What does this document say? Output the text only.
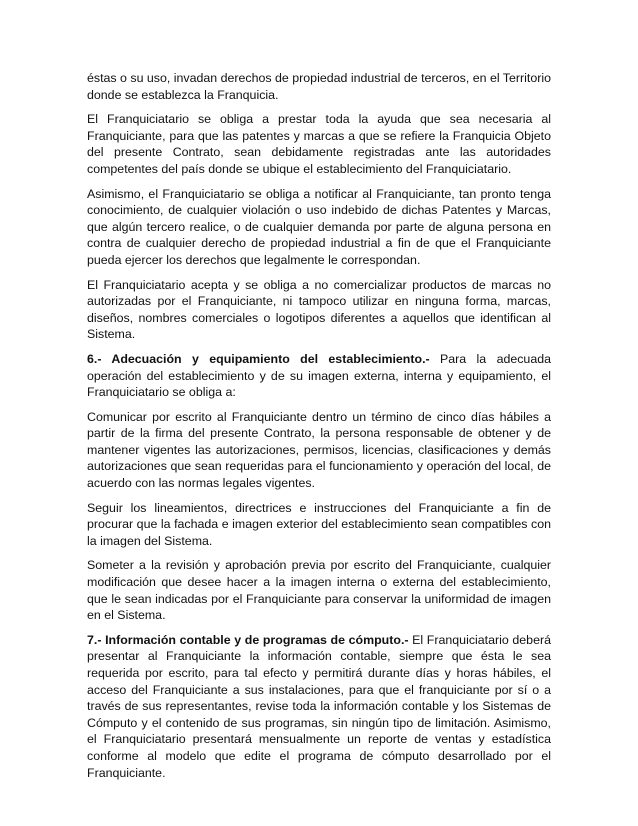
éstas o su uso, invadan derechos de propiedad industrial de terceros, en el Territorio donde se establezca la Franquicia.

El Franquiciatario se obliga a prestar toda la ayuda que sea necesaria al Franquiciante, para que las patentes y marcas a que se refiere la Franquicia Objeto del presente Contrato, sean debidamente registradas ante las autoridades competentes del país donde se ubique el establecimiento del Franquiciatario.

Asimismo, el Franquiciatario se obliga a notificar al Franquiciante, tan pronto tenga conocimiento, de cualquier violación o uso indebido de dichas Patentes y Marcas, que algún tercero realice, o de cualquier demanda por parte de alguna persona en contra de cualquier derecho de propiedad industrial a fin de que el Franquiciante pueda ejercer los derechos que legalmente le correspondan.

El Franquiciatario acepta y se obliga a no comercializar productos de marcas no autorizadas por el Franquiciante, ni tampoco utilizar en ninguna forma, marcas, diseños, nombres comerciales o logotipos diferentes a aquellos que identifican al Sistema.

6.- Adecuación y equipamiento del establecimiento.- Para la adecuada operación del establecimiento y de su imagen externa, interna y equipamiento, el Franquiciatario se obliga a:

Comunicar por escrito al Franquiciante dentro un término de cinco días hábiles a partir de la firma del presente Contrato, la persona responsable de obtener y de mantener vigentes las autorizaciones, permisos, licencias, clasificaciones y demás autorizaciones que sean requeridas para el funcionamiento y operación del local, de acuerdo con las normas legales vigentes.

Seguir los lineamientos, directrices e instrucciones del Franquiciante a fin de procurar que la fachada e imagen exterior del establecimiento sean compatibles con la imagen del Sistema.

Someter a la revisión y aprobación previa por escrito del Franquiciante, cualquier modificación que desee hacer a la imagen interna o externa del establecimiento, que le sean indicadas por el Franquiciante para conservar la uniformidad de imagen en el Sistema.

7.- Información contable y de programas de cómputo.- El Franquiciatario deberá presentar al Franquiciante la información contable, siempre que ésta le sea requerida por escrito, para tal efecto y permitirá durante días y horas hábiles, el acceso del Franquiciante a sus instalaciones, para que el franquiciante por sí o a través de sus representantes, revise toda la información contable y los Sistemas de Cómputo y el contenido de sus programas, sin ningún tipo de limitación. Asimismo, el Franquiciatario presentará mensualmente un reporte de ventas y estadística conforme al modelo que edite el programa de cómputo desarrollado por el Franquiciante.
